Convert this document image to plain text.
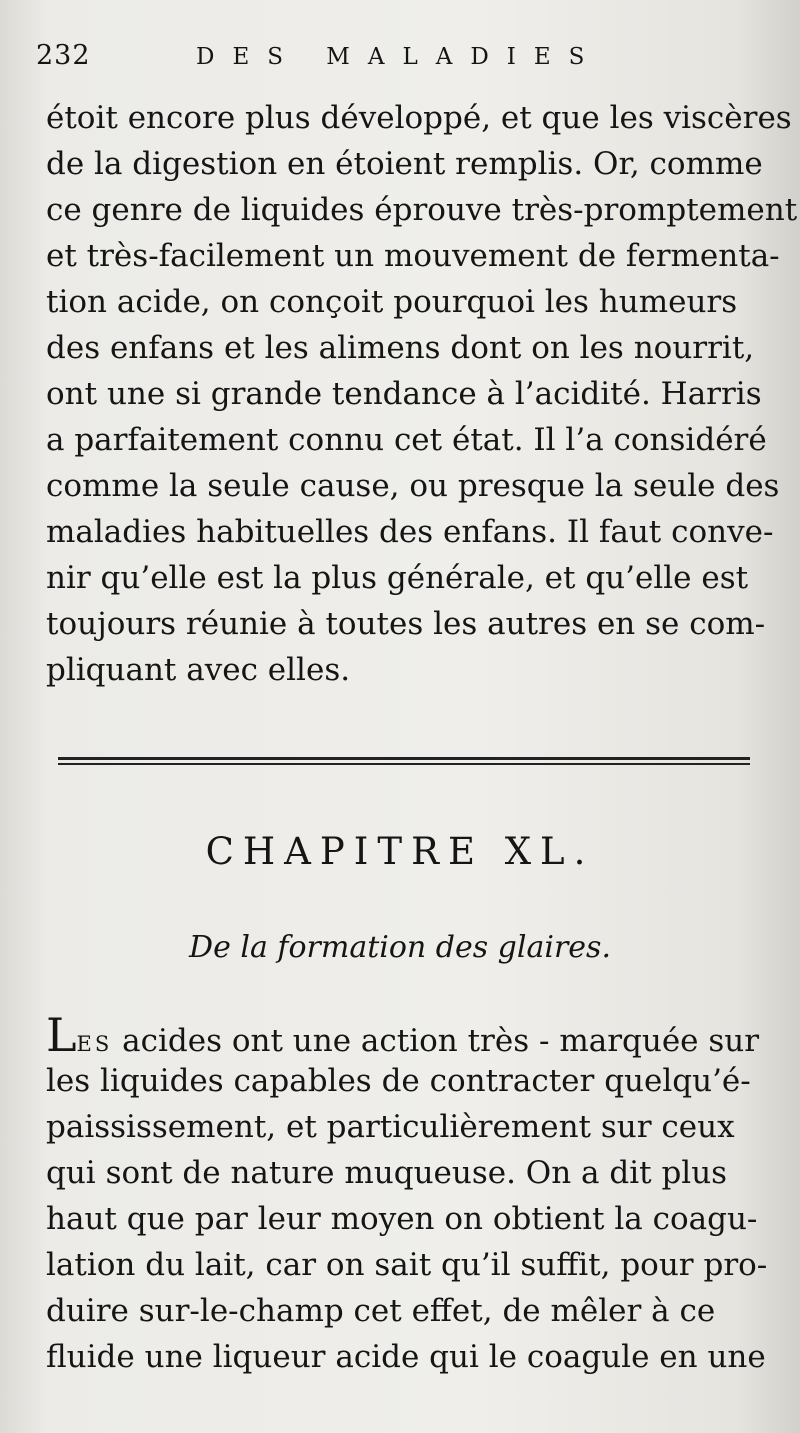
232	DES MALADIES
étoit encore plus développé, et que les viscères
de la digestion en étoient remplis. Or, comme
ce genre de liquides éprouve très-promptement
et très-facilement un mouvement de fermenta-
tion acide, on conçoit pourquoi les humeurs
des enfans et les alimens dont on les nourrit,
ont une si grande tendance à l’acidité. Harris
a parfaitement connu cet état. Il l’a considéré
comme la seule cause, ou presque la seule des
maladies habituelles des enfans. Il faut conve-
nir qu’elle est la plus générale, et qu’elle est
toujours réunie à toutes les autres en se com-
pliquant avec elles.
CHAPITRE XL.
De la formation des glaires.
LES acides ont une action très - marquée sur
les liquides capables de contracter quelqu’é-
paississement, et particulièrement sur ceux
qui sont de nature muqueuse. On a dit plus
haut que par leur moyen on obtient la coagu-
lation du lait, car on sait qu’il suffit, pour pro-
duire sur-le-champ cet effet, de mêler à ce
fluide une liqueur acide qui le coagule en une
